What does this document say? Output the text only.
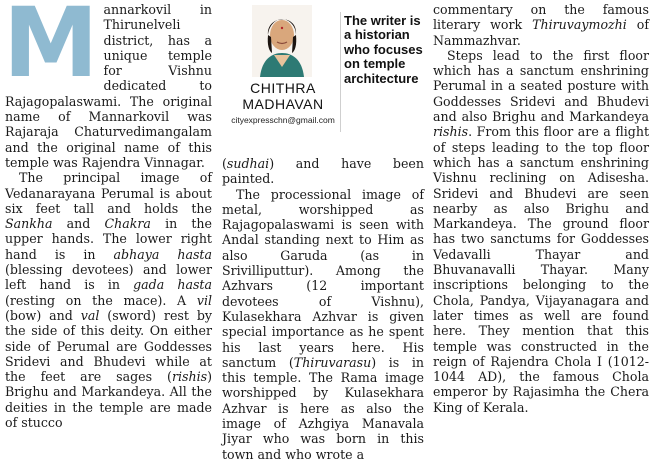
Mannarkovil in Thirunelveli district, has a unique temple for Vishnu dedicated to Rajagopalaswami. The original name of Mannarkovil was Rajaraja Chaturvedimangalam and the original name of this temple was Rajendra Vinnagar.

The principal image of Vedanarayana Perumal is about six feet tall and holds the Sankha and Chakra in the upper hands. The lower right hand is in abhaya hasta (blessing devotees) and lower left hand is in gada hasta (resting on the mace). A vil (bow) and val (sword) rest by the side of this deity. On either side of Perumal are Goddesses Sridevi and Bhudevi while at the feet are sages (rishis) Brighu and Markandeya. All the deities in the temple are made of stucco

CHITHRA
MADHAVAN
cityexpresschn@gmail.com
The writer is a historian who focuses on temple architecture

(sudhai) and have been painted.

The processional image of metal, worshipped as Rajagopalaswami is seen with Andal standing next to Him as also Garuda (as in Srivilliputtur). Among the Azhvars (12 important devotees of Vishnu), Kulasekhara Azhvar is given special importance as he spent his last years here. His sanctum (Thiruvarasu) is in this temple. The Rama image worshipped by Kulasekhara Azhvar is here as also the image of Azhgiya Manavala Jiyar who was born in this town and who wrote a

commentary on the famous literary work Thiruvaymozhi of Nammazhvar.

Steps lead to the first floor which has a sanctum enshrining Perumal in a seated posture with Goddesses Sridevi and Bhudevi and also Brighu and Markandeya rishis. From this floor are a flight of steps leading to the top floor which has a sanctum enshrining Vishnu reclining on Adisesha. Sridevi and Bhudevi are seen nearby as also Brighu and Markandeya. The ground floor has two sanctums for Goddesses Vedavalli Thayar and Bhuvanavalli Thayar. Many inscriptions belonging to the Chola, Pandya, Vijayanagara and later times as well are found here. They mention that this temple was constructed in the reign of Rajendra Chola I (1012-1044 AD), the famous Chola emperor by Rajasimha the Chera King of Kerala.
